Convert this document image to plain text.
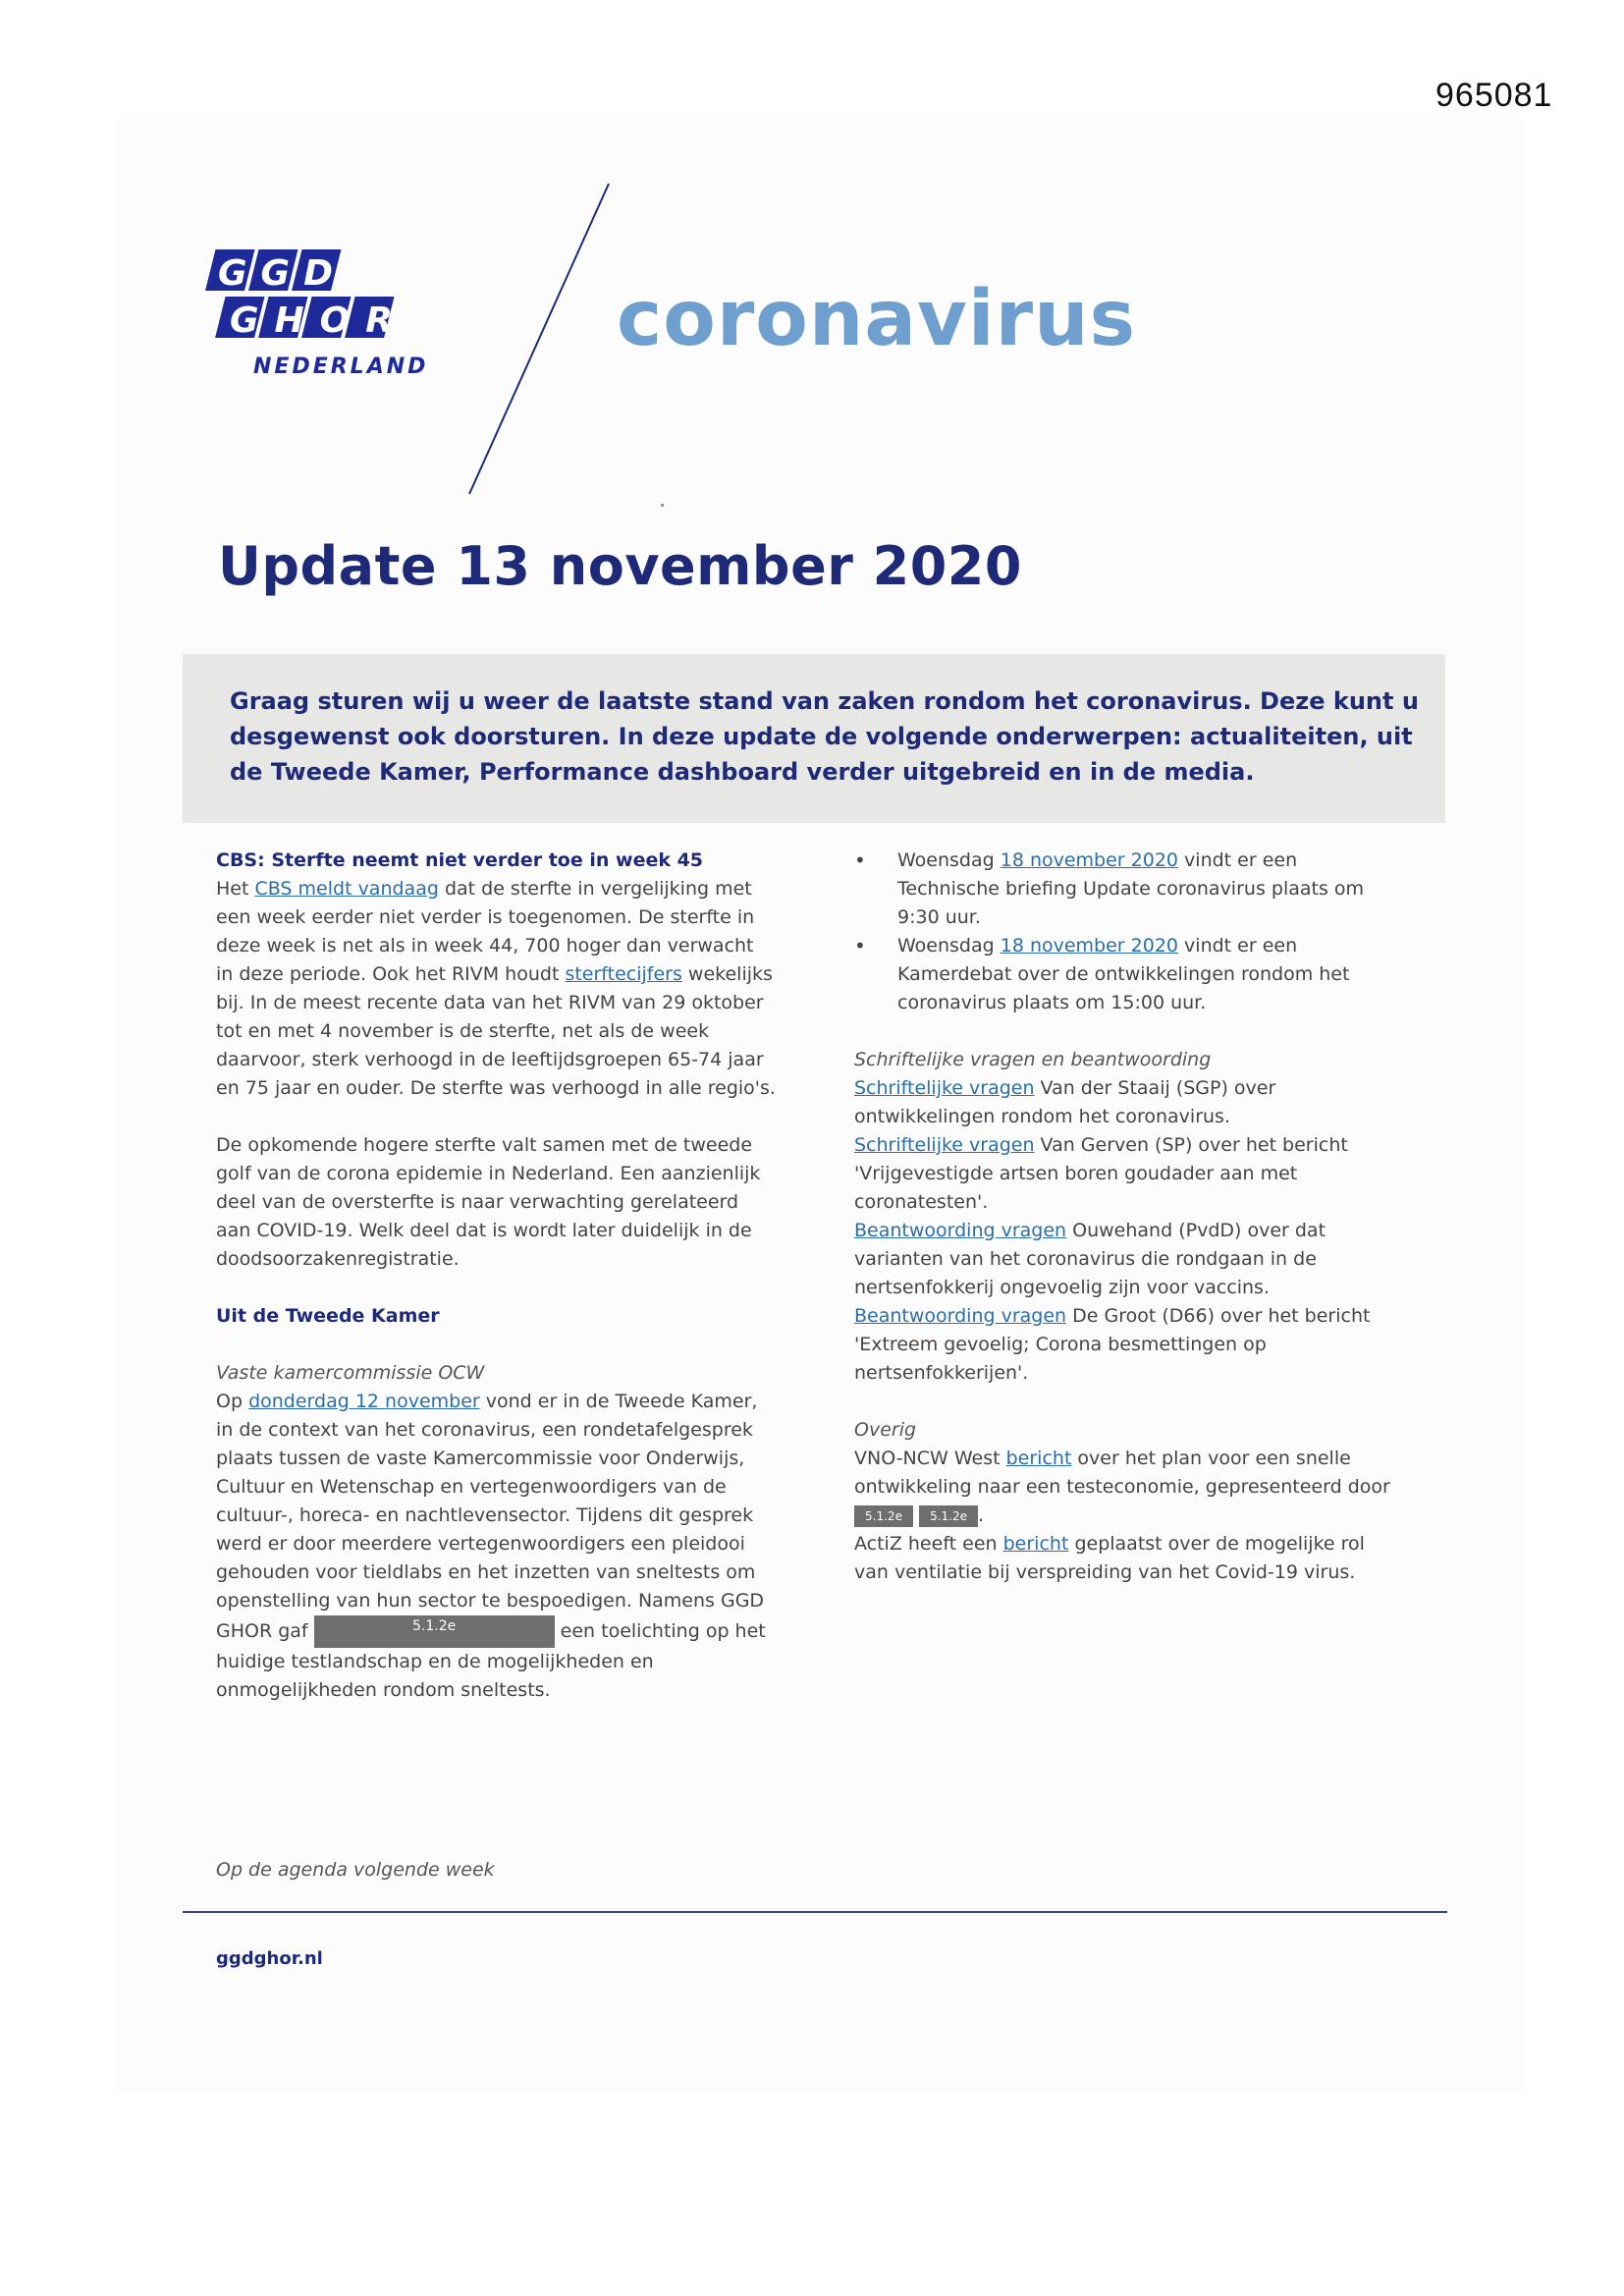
965081
GGD
GHOR
NEDERLAND
coronavirus
Update 13 november 2020

Graag sturen wij u weer de laatste stand van zaken rondom het coronavirus. Deze kunt u desgewenst ook doorsturen. In deze update de volgende onderwerpen: actualiteiten, uit de Tweede Kamer, Performance dashboard verder uitgebreid en in de media.

CBS: Sterfte neemt niet verder toe in week 45

Het CBS meldt vandaag dat de sterfte in vergelijking met een week eerder niet verder is toegenomen. De sterfte in deze week is net als in week 44, 700 hoger dan verwacht in deze periode. Ook het RIVM houdt sterftecijfers wekelijks bij. In de meest recente data van het RIVM van 29 oktober tot en met 4 november is de sterfte, net als de week daarvoor, sterk verhoogd in de leeftijdsgroepen 65-74 jaar en 75 jaar en ouder. De sterfte was verhoogd in alle regio's.

De opkomende hogere sterfte valt samen met de tweede golf van de corona epidemie in Nederland. Een aanzienlijk deel van de oversterfte is naar verwachting gerelateerd aan COVID-19. Welk deel dat is wordt later duidelijk in de doodsoorzakenregistratie.

Uit de Tweede Kamer
Vaste kamercommissie OCW

Op donderdag 12 november vond er in de Tweede Kamer, in de context van het coronavirus, een rondetafelgesprek plaats tussen de vaste Kamercommissie voor Onderwijs, Cultuur en Wetenschap en vertegenwoordigers van de cultuur-, horeca- en nachtlevensector. Tijdens dit gesprek werd er door meerdere vertegenwoordigers een pleidooi gehouden voor tieldlabs en het inzetten van sneltests om openstelling van hun sector te bespoedigen. Namens GGD GHOR gaf	5.1.2e	een toelichting op het huidige testlandschap en de mogelijkheden en onmogelijkheden rondom sneltests.

• Woensdag 18 november 2020 vindt er een Technische briefing Update coronavirus plaats om 9:30 uur.
• Woensdag 18 november 2020 vindt er een Kamerdebat over de ontwikkelingen rondom het coronavirus plaats om 15:00 uur.
Schriftelijke vragen en beantwoording

Schriftelijke vragen Van der Staaij (SGP) over ontwikkelingen rondom het coronavirus.

Schriftelijke vragen Van Gerven (SP) over het bericht 'Vrijgevestigde artsen boren goudader aan met coronatesten'.

Beantwoording vragen Ouwehand (PvdD) over dat varianten van het coronavirus die rondgaan in de nertsenfokkerij ongevoelig zijn voor vaccins.

Beantwoording vragen De Groot (D66) over het bericht 'Extreem gevoelig; Corona besmettingen op nertsenfokkerijen'.

Overig

VNO-NCW West bericht over het plan voor een snelle ontwikkeling naar een testeconomie, gepresenteerd door 5.1.2e 5.1.2e .

ActiZ heeft een bericht geplaatst over de mogelijke rol van ventilatie bij verspreiding van het Covid-19 virus.

Op de agenda volgende week
ggdghor.nl
